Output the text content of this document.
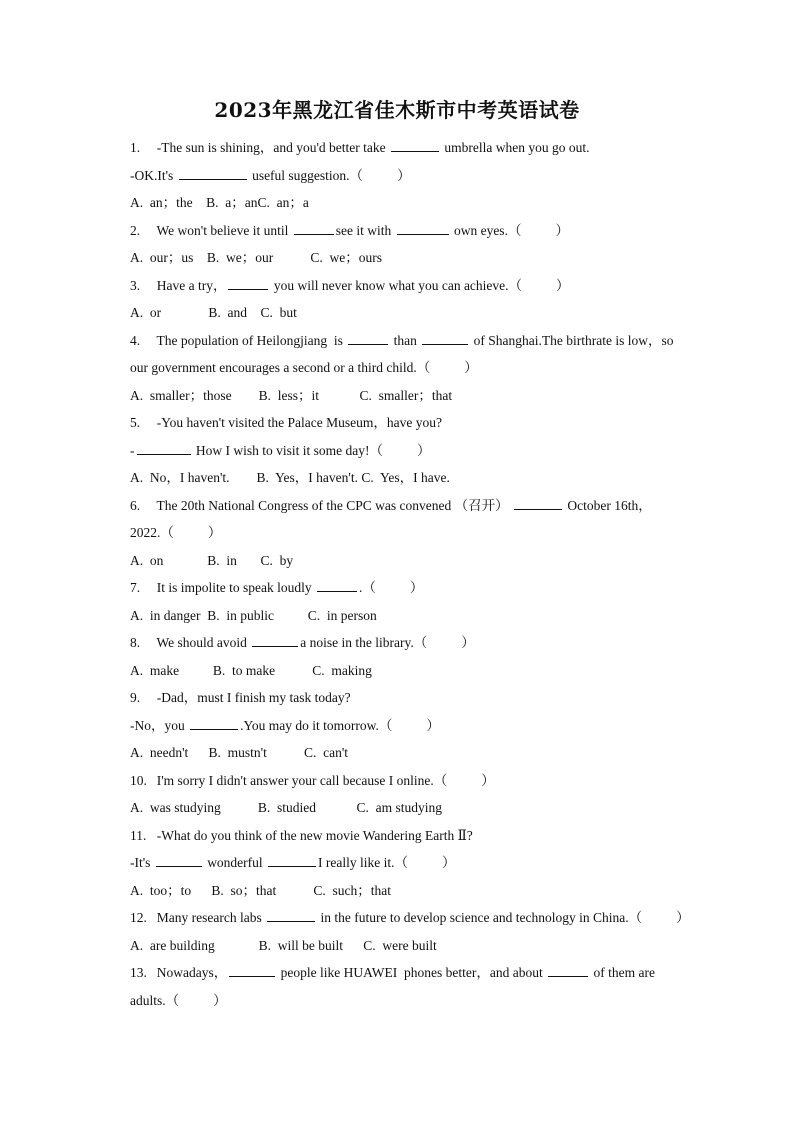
2023年黑龙江省佳木斯市中考英语试卷
1.  -The sun is shining，and you'd better take	umbrella when you go out.
-OK.It's	useful suggestion.（	）
A.  an；the    B.  a；anC.  an；a
2.  We won't believe it until	see it with	own eyes.（	）
A.  our；us    B.  we；our           C.  we；ours
3.  Have a try，	you will never know what you can achieve.（	）
A.  or              B.  and    C.  but
4.  The population of Heilongjiang  is	than	of Shanghai.The birthrate is low，so
our government encourages a second or a third child.（	）
A.  smaller；those        B.  less；it            C.  smaller；that
5.  -You haven't visited the Palace Museum，have you?
-	How I wish to visit it some day!（	）
A.  No，I haven't.        B.  Yes，I haven't. C.  Yes，I have.
6.  The 20th National Congress of the CPC was convened （召开）	October 16th，
2022.（	）
A.  on             B.  in       C.  by
7.  It is impolite to speak loudly	.（	）
A.  in danger  B.  in public          C.  in person
8.  We should avoid	a noise in the library.（	）
A.  make          B.  to make           C.  making
9.  -Dad，must I finish my task today?
-No，you	.You may do it tomorrow.（	）
A.  needn't      B.  mustn't           C.  can't
10.  I'm sorry I didn't answer your call because I online.（	）
A.  was studying           B.  studied            C.  am studying
11.  -What do you think of the new movie Wandering Earth Ⅱ?
-It's	wonderful	I really like it.（	）
A.  too；to      B.  so；that           C.  such；that
12.  Many research labs	in the future to develop science and technology in China.（	）
A.  are building             B.  will be built      C.  were built
13.  Nowadays，	people like HUAWEI  phones better，and about	of them are
adults.（	）
